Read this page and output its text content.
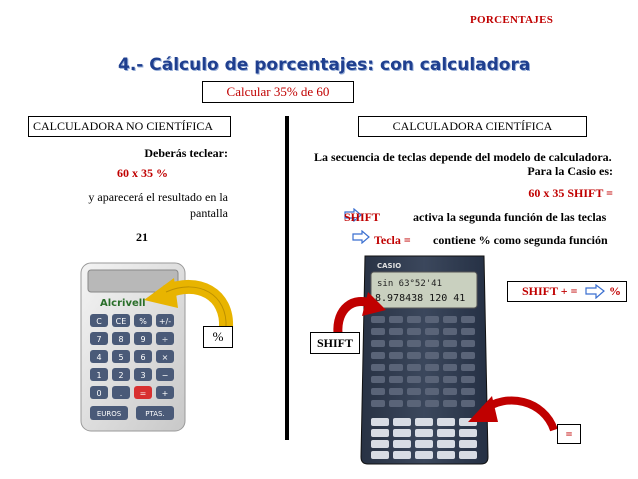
PORCENTAJES
4.- Cálculo de porcentajes: con calculadora
Calcular 35% de 60
CALCULADORA NO CIENTÍFICA	CALCULADORA CIENTÍFICA
Deberás teclear:
60 x 35 %
y aparecerá el resultado en la
pantalla
21
La secuencia de teclas depende del modelo de calculadora.
Para la Casio es:
60 x 35 SHIFT =
SHIFT	activa la segunda función de las teclas
Tecla = contiene % como segunda función
Alcrivell
C CE % +/-
7 8 9 ÷
4 5 6 ×
1 2 3 −
0 . = +
EUROS	PTAS.
%
CASIO
sin 63°52'41
8.978438 120 41
SHIFT
SHIFT + =	%
=
